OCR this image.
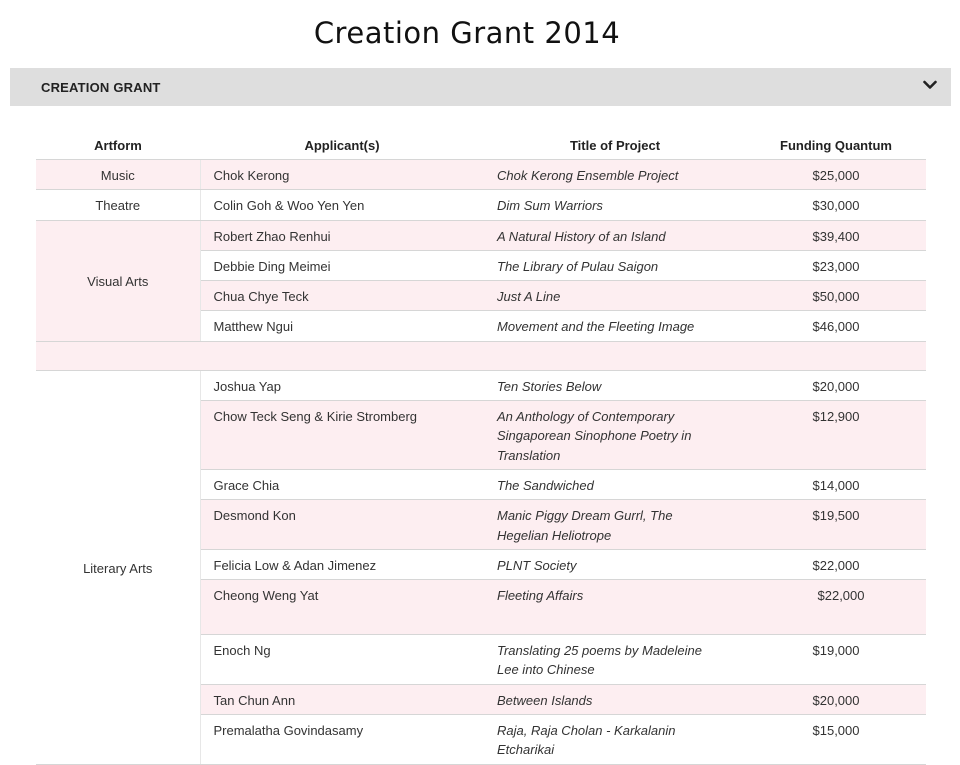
Creation Grant 2014
CREATION GRANT
Artform	Applicant(s)	Title of Project	Funding Quantum
Music	Chok Kerong	Chok Kerong Ensemble Project	$25,000
Theatre	Colin Goh & Woo Yen Yen	Dim Sum Warriors	$30,000
Visual Arts	Robert Zhao Renhui	A Natural History of an Island	$39,400
	Debbie Ding Meimei	The Library of Pulau Saigon	$23,000
	Chua Chye Teck	Just A Line	$50,000
	Matthew Ngui	Movement and the Fleeting Image	$46,000

Literary Arts	Joshua Yap	Ten Stories Below	$20,000
	Chow Teck Seng & Kirie Stromberg	An Anthology of Contemporary Singaporean Sinophone Poetry in Translation	$12,900
	Grace Chia	The Sandwiched	$14,000
	Desmond Kon	Manic Piggy Dream Gurrl, The Hegelian Heliotrope	$19,500
	Felicia Low & Adan Jimenez	PLNT Society	$22,000
	Cheong Weng Yat	Fleeting Affairs	$22,000
	Enoch Ng	Translating 25 poems by Madeleine Lee into Chinese	$19,000
	Tan Chun Ann	Between Islands	$20,000
	Premalatha Govindasamy	Raja, Raja Cholan - Karkalanin Etcharikai	$15,000
